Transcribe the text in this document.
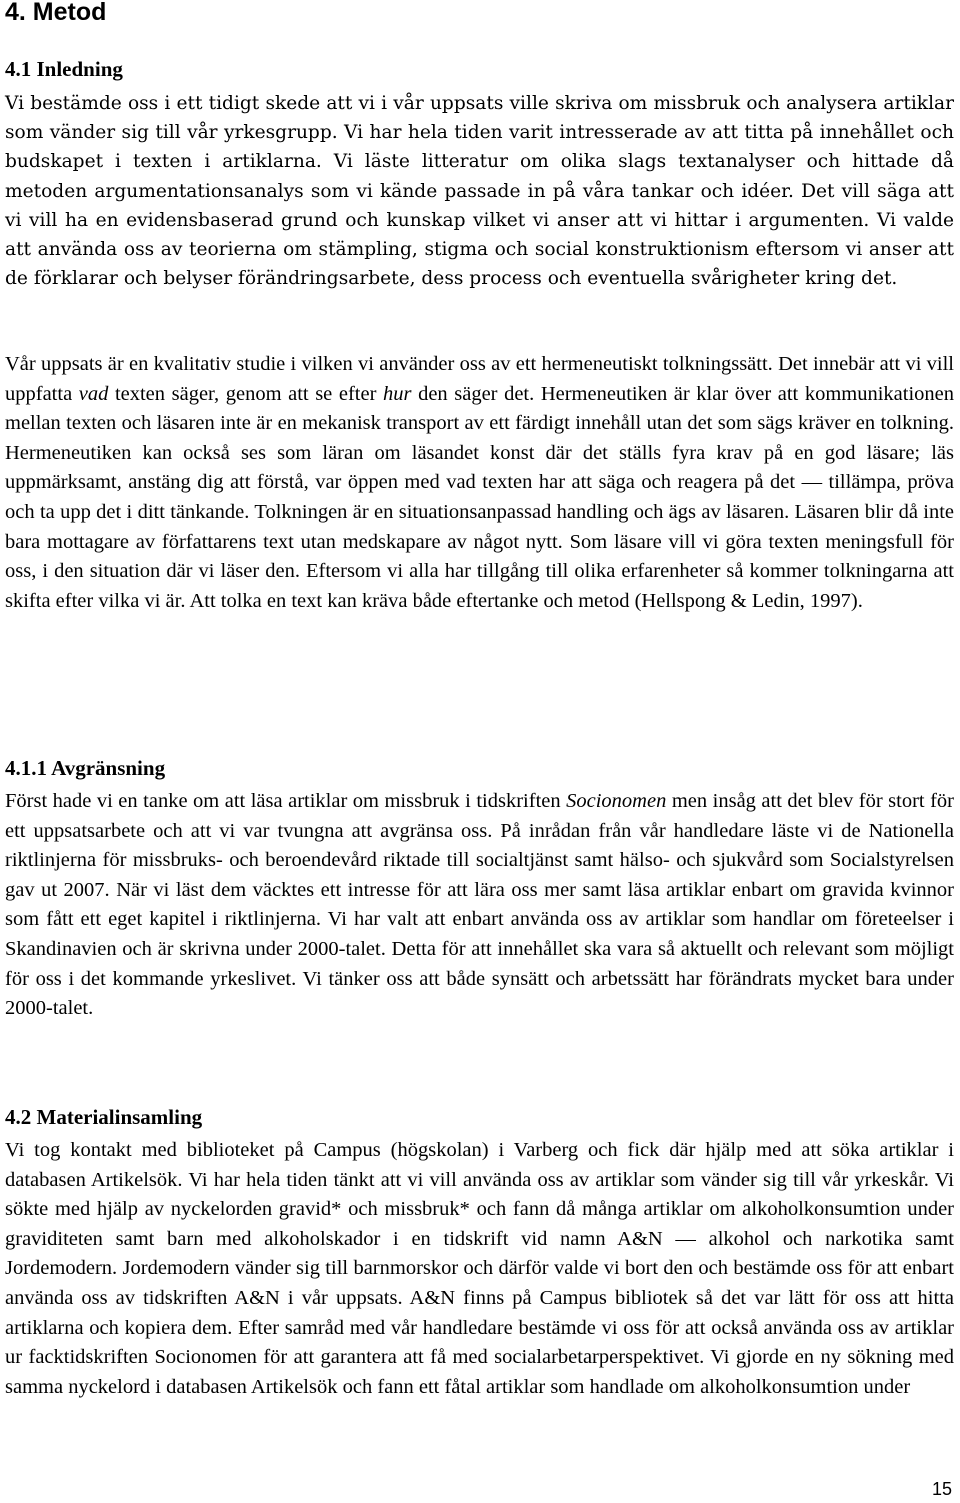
4. Metod
4.1 Inledning

Vi bestämde oss i ett tidigt skede att vi i vår uppsats ville skriva om missbruk och analysera artiklar som vänder sig till vår yrkesgrupp. Vi har hela tiden varit intresserade av att titta på innehållet och budskapet i texten i artiklarna. Vi läste litteratur om olika slags textanalyser och hittade då metoden argumentationsanalys som vi kände passade in på våra tankar och idéer. Det vill säga att vi vill ha en evidensbaserad grund och kunskap vilket vi anser att vi hittar i argumenten. Vi valde att använda oss av teorierna om stämpling, stigma och social konstruktionism eftersom vi anser att de förklarar och belyser förändringsarbete, dess process och eventuella svårigheter kring det.

Vår uppsats är en kvalitativ studie i vilken vi använder oss av ett hermeneutiskt tolkningssätt. Det innebär att vi vill uppfatta vad texten säger, genom att se efter hur den säger det. Hermeneutiken är klar över att kommunikationen mellan texten och läsaren inte är en mekanisk transport av ett färdigt innehåll utan det som sägs kräver en tolkning. Hermeneutiken kan också ses som läran om läsandet konst där det ställs fyra krav på en god läsare; läs uppmärksamt, anstäng dig att förstå, var öppen med vad texten har att säga och reagera på det — tillämpa, pröva och ta upp det i ditt tänkande. Tolkningen är en situationsanpassad handling och ägs av läsaren. Läsaren blir då inte bara mottagare av författarens text utan medskapare av något nytt. Som läsare vill vi göra texten meningsfull för oss, i den situation där vi läser den. Eftersom vi alla har tillgång till olika erfarenheter så kommer tolkningarna att skifta efter vilka vi är. Att tolka en text kan kräva både eftertanke och metod (Hellspong & Ledin, 1997).

4.1.1 Avgränsning

Först hade vi en tanke om att läsa artiklar om missbruk i tidskriften Socionomen men insåg att det blev för stort för ett uppsatsarbete och att vi var tvungna att avgränsa oss. På inrådan från vår handledare läste vi de Nationella riktlinjerna för missbruks- och beroendevård riktade till socialtjänst samt hälso- och sjukvård som Socialstyrelsen gav ut 2007. När vi läst dem väcktes ett intresse för att lära oss mer samt läsa artiklar enbart om gravida kvinnor som fått ett eget kapitel i riktlinjerna. Vi har valt att enbart använda oss av artiklar som handlar om företeelser i Skandinavien och är skrivna under 2000-talet. Detta för att innehållet ska vara så aktuellt och relevant som möjligt för oss i det kommande yrkeslivet. Vi tänker oss att både synsätt och arbetssätt har förändrats mycket bara under 2000-talet.

4.2 Materialinsamling

Vi tog kontakt med biblioteket på Campus (högskolan) i Varberg och fick där hjälp med att söka artiklar i databasen Artikelsök. Vi har hela tiden tänkt att vi vill använda oss av artiklar som vänder sig till vår yrkeskår. Vi sökte med hjälp av nyckelorden gravid* och missbruk* och fann då många artiklar om alkoholkonsumtion under graviditeten samt barn med alkoholskador i en tidskrift vid namn A&N — alkohol och narkotika samt Jordemodern. Jordemodern vänder sig till barnmorskor och därför valde vi bort den och bestämde oss för att enbart använda oss av tidskriften A&N i vår uppsats. A&N finns på Campus bibliotek så det var lätt för oss att hitta artiklarna och kopiera dem. Efter samråd med vår handledare bestämde vi oss för att också använda oss av artiklar ur facktidskriften Socionomen för att garantera att få med socialarbetarperspektivet. Vi gjorde en ny sökning med samma nyckelord i databasen Artikelsök och fann ett fåtal artiklar som handlade om alkoholkonsumtion under

15
